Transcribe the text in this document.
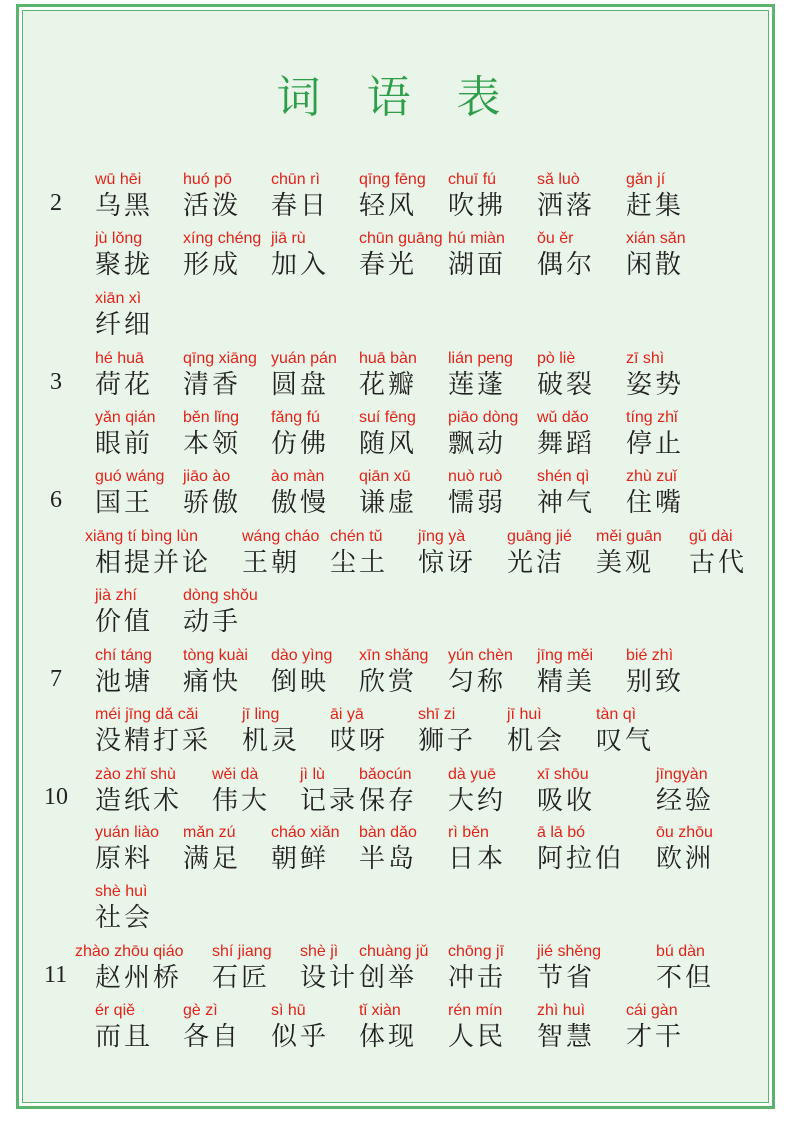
词 语 表
2
3
6
7
10
11
wū hēi
乌黑
huó pō
活泼
chūn rì
春日
qīng fēng
轻风
chuī fú
吹拂
sǎ luò
洒落
gǎn jí
赶集
jù lǒng
聚拢
xíng chéng
形成
jiā rù
加入
chūn guāng
春光
hú miàn
湖面
ǒu ěr
偶尔
xián sǎn
闲散
xiān xì
纤细
hé huā
荷花
qīng xiāng
清香
yuán pán
圆盘
huā bàn
花瓣
lián peng
莲蓬
pò liè
破裂
zī shì
姿势
yǎn qián
眼前
běn lǐng
本领
fǎng fú
仿佛
suí fēng
随风
piāo dòng
飘动
wǔ dǎo
舞蹈
tíng zhǐ
停止
guó wáng
国王
jiāo ào
骄傲
ào màn
傲慢
qiān xū
谦虚
nuò ruò
懦弱
shén qì
神气
zhù zuǐ
住嘴
xiāng tí bìng lùn
相提并论
wáng cháo
王朝
chén tǔ
尘土
jīng yà
惊讶
guāng jié
光洁
měi guān
美观
gǔ dài
古代
jià zhí
价值
dòng shǒu
动手
chí táng
池塘
tòng kuài
痛快
dào yìng
倒映
xīn shǎng
欣赏
yún chèn
匀称
jīng měi
精美
bié zhì
别致
méi jīng dǎ cǎi
没精打采
jī ling
机灵
āi yā
哎呀
shī zi
狮子
jī huì
机会
tàn qì
叹气
zào zhǐ shù
造纸术
wěi dà
伟大
jì lù
记录
bǎocún
保存
dà yuē
大约
xī shōu
吸收
jīngyàn
经验
yuán liào
原料
mǎn zú
满足
cháo xiǎn
朝鲜
bàn dǎo
半岛
rì běn
日本
ā lā bó
阿拉伯
ōu zhōu
欧洲
shè huì
社会
zhào zhōu qiáo
赵州桥
shí jiang
石匠
shè jì
设计
chuàng jǔ
创举
chōng jī
冲击
jié shěng
节省
bú dàn
不但
ér qiě
而且
gè zì
各自
sì hū
似乎
tǐ xiàn
体现
rén mín
人民
zhì huì
智慧
cái gàn
才干
